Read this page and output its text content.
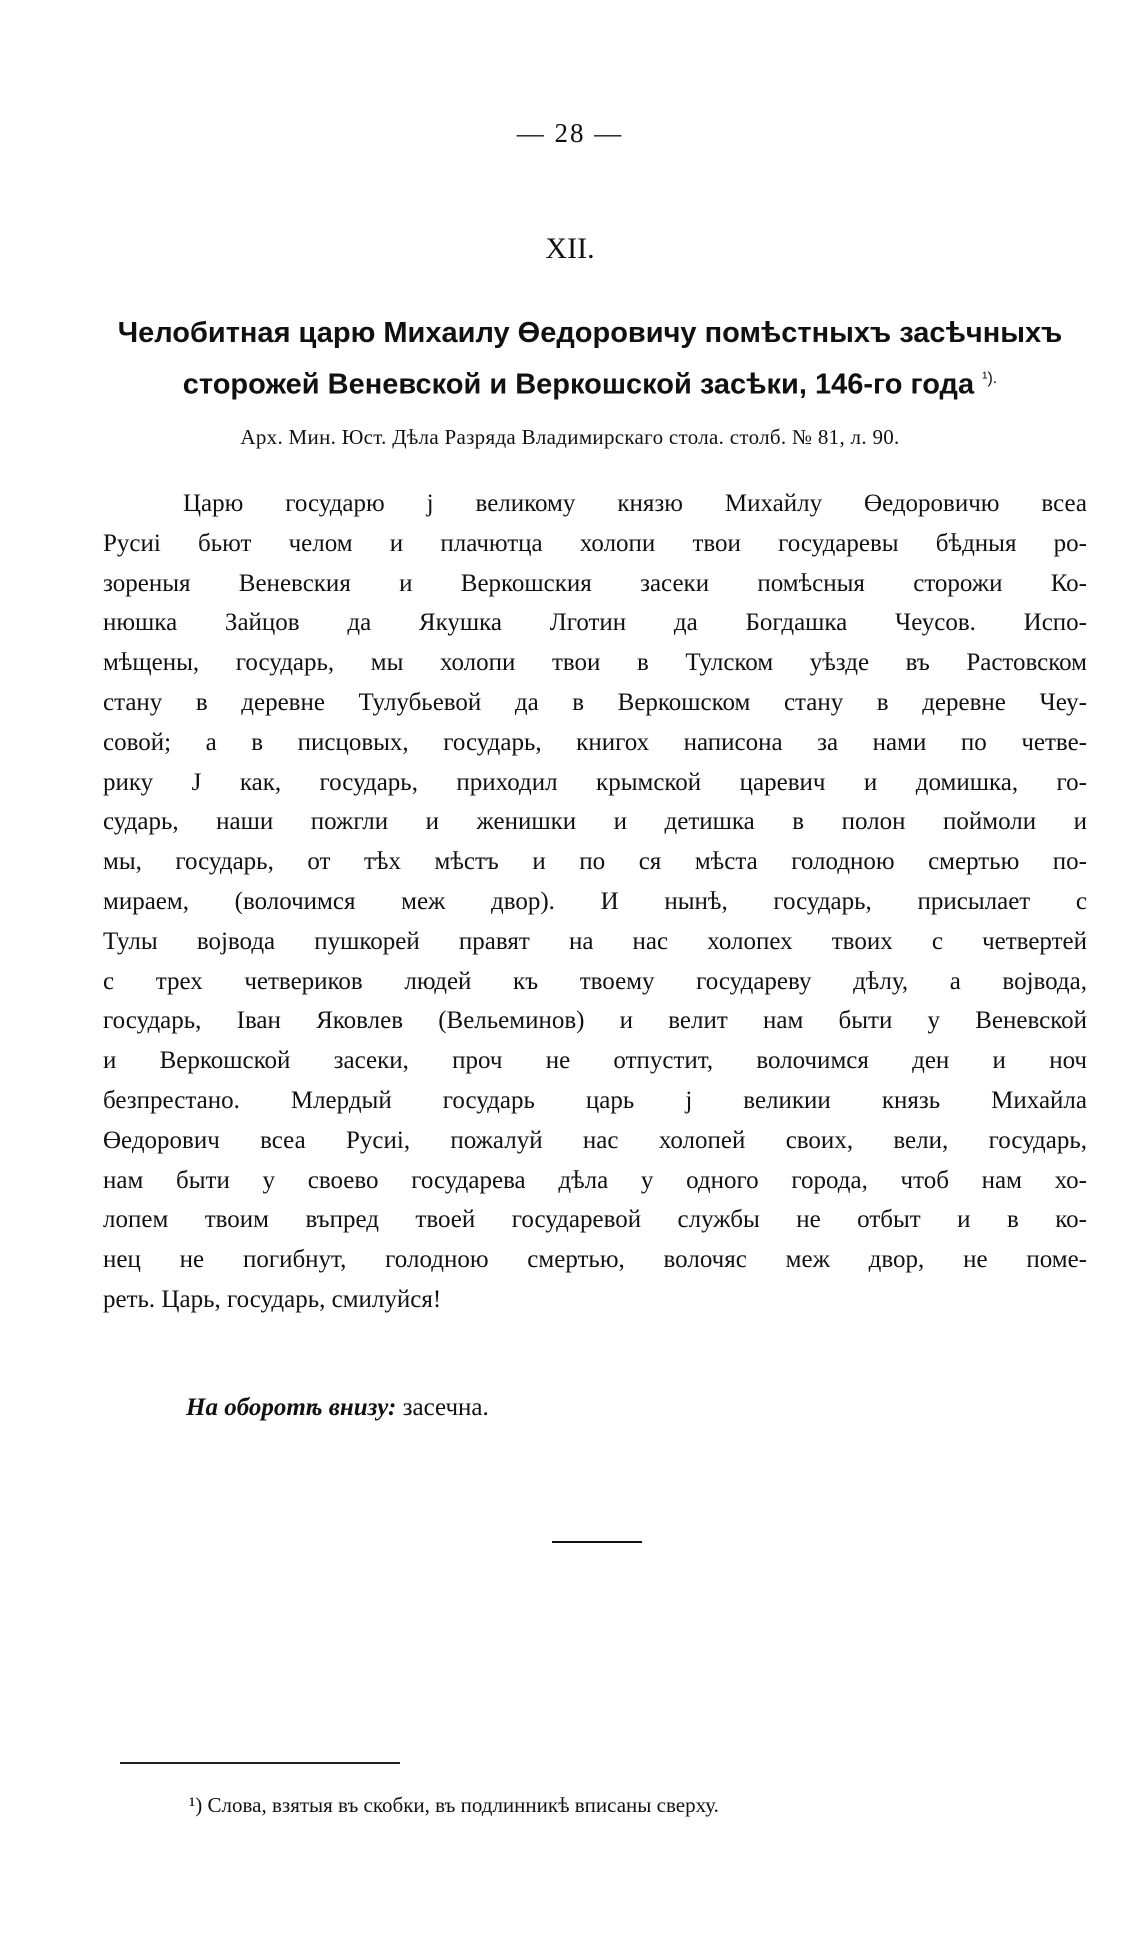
— 28 —
XII.
Челобитная царю Михаилу Өедоровичу помѣстныхъ засѣчныхъ
сторожей Веневской и Веркошской засѣки, 146-го года $^{^1).}$
Арх. Мин. Юст. Дѣла Разряда Владимирскаго стола. столб. № 81, л. 90.
Царю государю ј великому князю Михайлу Өедоровичю всеа
Русиі бьют челом и плачютца холопи твои государевы бѣдныя ро-
зореныя Веневския и Веркошския засеки помѣсныя сторожи Ко-
нюшка Зайцов да Якушка Лготин да Богдашка Чеусов. Испо-
мѣщены, государь, мы холопи твои в Тулском уѣзде въ Растовском
стану в деревне Тулубьевой да в Веркошском стану в деревне Чеу-
совой; а в писцовых, государь, книгох написона за нами по четве-
рику Ј как, государь, приходил крымской царевич и домишка, го-
сударь, наши пожгли и женишки и детишка в полон поймоли и
мы, государь, от тѣх мѣстъ и по ся мѣста голодною смертью по-
мираем, (волочимся меж двор). И нынѣ, государь, присылает с
Тулы војвода пушкорей правят на нас холопех твоих с четвертей
с трех четвериков людей къ твоему государеву дѣлу, а војвода,
государь, Іван Яковлев (Вельеминов) и велит нам быти у Веневской
и Веркошской засеки, проч не отпустит, волочимся ден и ноч
безпрестано. Млердый государь царь ј великии князь Михайла
Өедорович всеа Русиі, пожалуй нас холопей своих, вели, государь,
нам быти у своево государева дѣла у одного города, чтоб нам хо-
лопем твоим въпред твоей государевой службы не отбыт и в ко-
нец не погибнут, голодною смертью, волочяс меж двор, не поме-
реть. Царь, государь, смилуйся!
На оборотѣ внизу: засечна.
¹) Слова, взятыя въ скобки, въ подлинникѣ вписаны сверху.
